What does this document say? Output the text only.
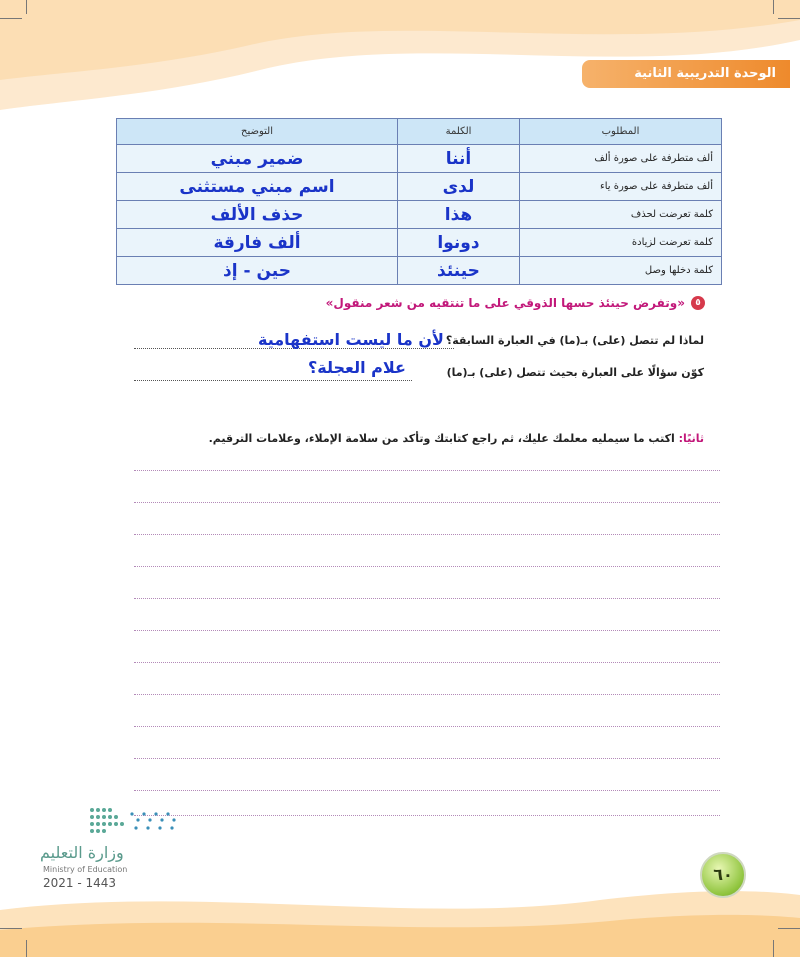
الوحدة التدريبية الثانية
المطلوب	الكلمة	التوضيح
ألف متطرفة على صورة ألف	أننا	ضمير مبني
ألف متطرفة على صورة ياء	لدى	اسم مبني مستثنى
كلمة تعرضت لحذف	هذا	حذف الألف
كلمة تعرضت لزيادة	دونوا	ألف فارقة
كلمة دخلها وصل	حينئذ	حين - إذ
٥
«وتفرض حينئذ حسها الذوقي على ما تنتقيه من شعر منقول»
لماذا لم تتصل (على) بـ(ما) في العبارة السابقة؟
لأن ما ليست استفهامية
كوّن سؤالًا على العبارة بحيث تتصل (على) بـ(ما)
علام العجلة؟
ثانيًا: اكتب ما سيمليه معلمك عليك، ثم راجع كتابتك وتأكد من سلامة الإملاء، وعلامات الترقيم.
وزارة التعليم
Ministry of Education
2021 - 1443	٦٠
